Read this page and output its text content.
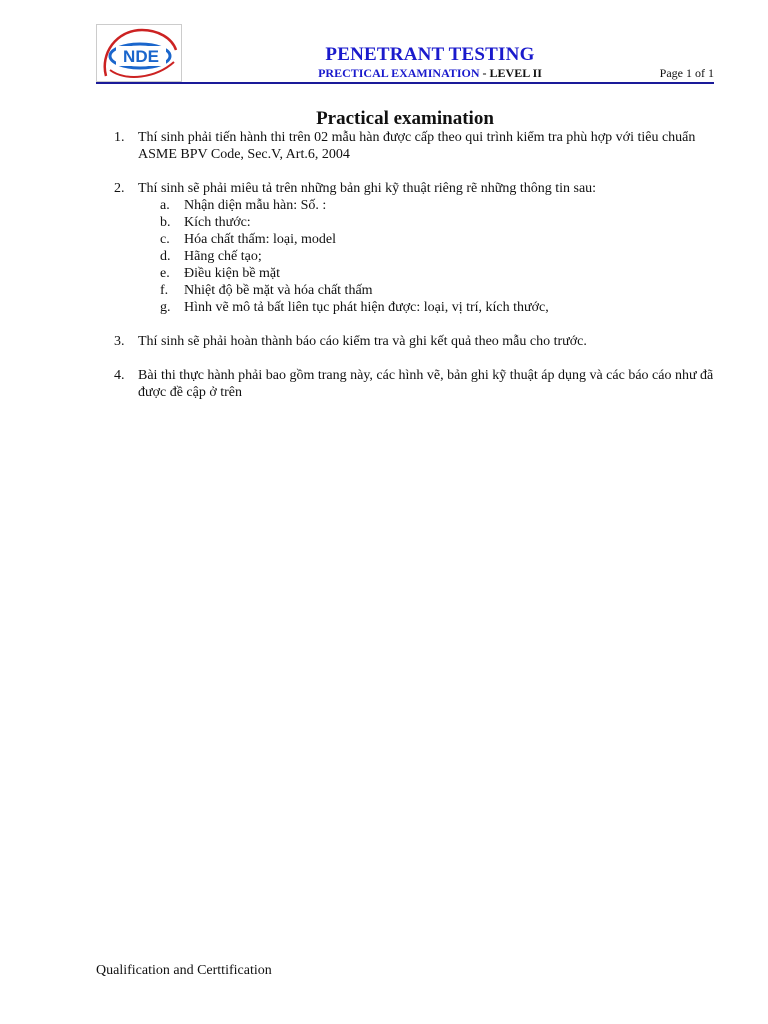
NDE	PENETRANT TESTING
PRECTICAL EXAMINATION - LEVEL II	Page 1 of 1
Practical examination
1. Thí sinh phải tiến hành thi trên 02 mẫu hàn được cấp theo qui trình kiểm tra phù hợp với tiêu chuẩn ASME BPV Code, Sec.V, Art.6, 2004
2. Thí sinh sẽ phải miêu tả trên những bản ghi kỹ thuật riêng rẽ những thông tin sau:
a.	Nhận diện mẫu hàn: Số. :
b. Kích thước:
c.	Hóa chất thấm: loại, model
d. Hãng chế tạo;
e.	Điều kiện bề mặt
f.	Nhiệt độ bề mặt và hóa chất thấm
g. Hình vẽ mô tả bất liên tục phát hiện được: loại, vị trí, kích thước,
3. Thí sinh sẽ phải hoàn thành báo cáo kiểm tra và ghi kết quả theo mẫu cho trước.
4. Bài thi thực hành phải bao gồm trang này, các hình vẽ, bản ghi kỹ thuật áp dụng và các báo cáo như đã được đề cập ở trên
Qualification and Certtification
